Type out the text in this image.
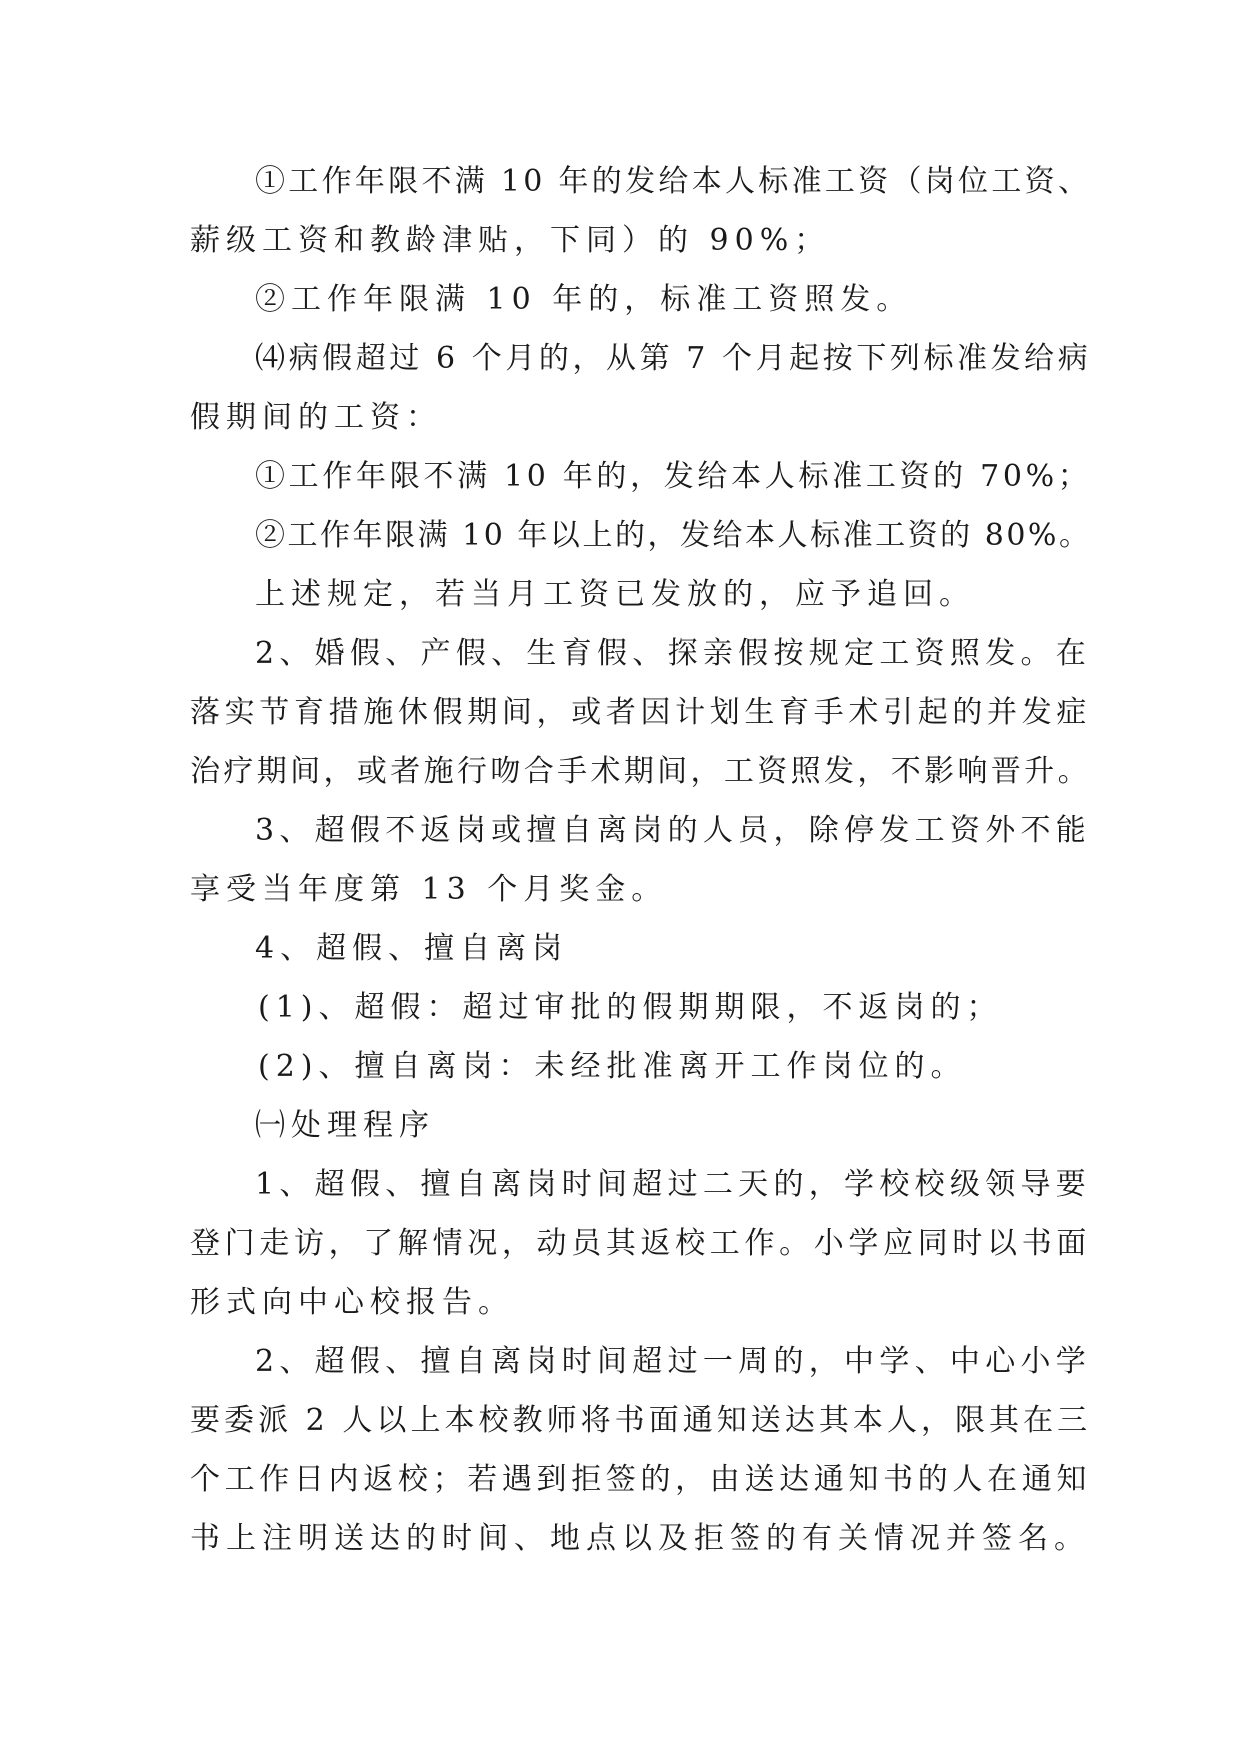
①工作年限不满 10 年的发给本人标准工资（岗位工资、
薪级工资和教龄津贴，下同）的 90%；
②工作年限满 10 年的，标准工资照发。
⑷病假超过 6 个月的，从第 7 个月起按下列标准发给病
假期间的工资：
①工作年限不满 10 年的，发给本人标准工资的 70%；
②工作年限满 10 年以上的，发给本人标准工资的 80%。
上述规定，若当月工资已发放的，应予追回。
2、婚假、产假、生育假、探亲假按规定工资照发。在
落实节育措施休假期间，或者因计划生育手术引起的并发症
治疗期间，或者施行吻合手术期间，工资照发，不影响晋升。
3、超假不返岗或擅自离岗的人员，除停发工资外不能
享受当年度第 13 个月奖金。
4、超假、擅自离岗
(1)、超假：超过审批的假期期限，不返岗的；
(2)、擅自离岗：未经批准离开工作岗位的。
㈠处理程序
1、超假、擅自离岗时间超过二天的，学校校级领导要
登门走访，了解情况，动员其返校工作。小学应同时以书面
形式向中心校报告。
2、超假、擅自离岗时间超过一周的，中学、中心小学
要委派 2 人以上本校教师将书面通知送达其本人，限其在三
个工作日内返校；若遇到拒签的，由送达通知书的人在通知
书上注明送达的时间、地点以及拒签的有关情况并签名。
